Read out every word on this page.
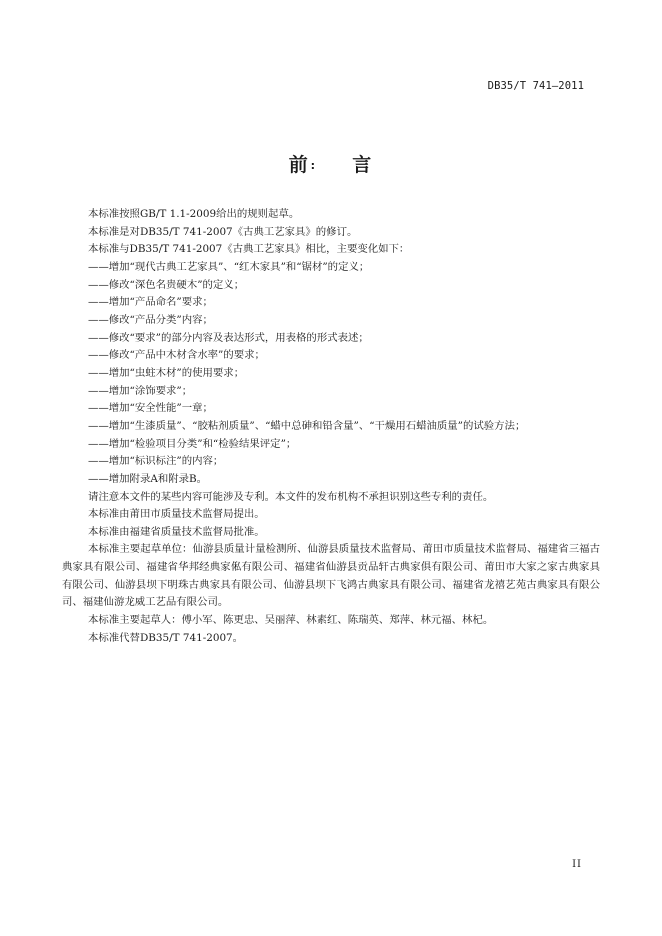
DB35/T 741—2011
前: 言

本标准按照GB/T 1.1-2009给出的规则起草。

本标准是对DB35/T 741-2007《古典工艺家具》的修订。

本标准与DB35/T 741-2007《古典工艺家具》相比，主要变化如下：

——增加“现代古典工艺家具”、“红木家具”和“锯材”的定义；

——修改“深色名贵硬木”的定义；

——增加“产品命名”要求；

——修改“产品分类”内容；

——修改“要求”的部分内容及表达形式，用表格的形式表述；

——修改“产品中木材含水率”的要求；

——增加“虫蛀木材”的使用要求；

——增加“涂饰要求”；

——增加“安全性能”一章；

——增加“生漆质量”、“胶粘剂质量”、“蜡中总砷和铅含量”、“干燥用石蜡油质量”的试验方法；

——增加“检验项目分类”和“检验结果评定”；

——增加“标识标注”的内容；

——增加附录A和附录B。

请注意本文件的某些内容可能涉及专利。本文件的发布机构不承担识别这些专利的责任。

本标准由莆田市质量技术监督局提出。

本标准由福建省质量技术监督局批准。

本标准主要起草单位：仙游县质量计量检测所、仙游县质量技术监督局、莆田市质量技术监督局、福建省三福古典家具有限公司、福建省华邦经典家俬有限公司、福建省仙游县贡品轩古典家俱有限公司、莆田市大家之家古典家具有限公司、仙游县坝下明珠古典家具有限公司、仙游县坝下飞鸿古典家具有限公司、福建省龙禧艺苑古典家具有限公司、福建仙游龙威工艺品有限公司。

本标准主要起草人：傅小军、陈更忠、吴丽萍、林素红、陈瑞英、郑萍、林元福、林杞。

本标准代替DB35/T 741-2007。

II
